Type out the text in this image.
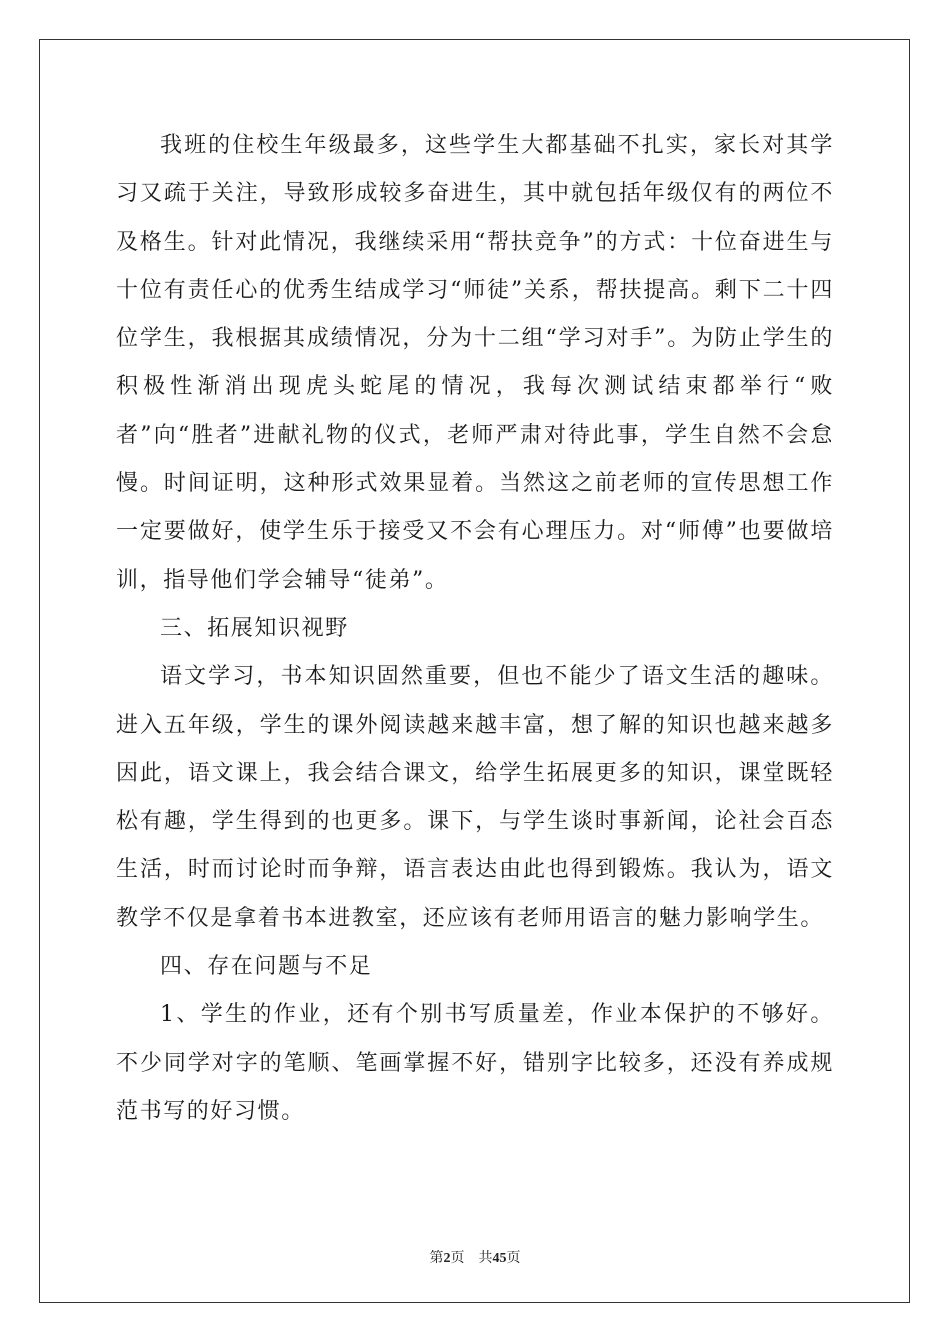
我班的住校生年级最多，这些学生大都基础不扎实，家长对其学习又疏于关注，导致形成较多奋进生，其中就包括年级仅有的两位不及格生。针对此情况，我继续采用“帮扶竞争”的方式：十位奋进生与十位有责任心的优秀生结成学习“师徒”关系，帮扶提高。剩下二十四位学生，我根据其成绩情况，分为十二组“学习对手”。为防止学生的积极性渐消出现虎头蛇尾的情况，我每次测试结束都举行“败者”向“胜者”进献礼物的仪式，老师严肃对待此事，学生自然不会怠慢。时间证明，这种形式效果显着。当然这之前老师的宣传思想工作一定要做好，使学生乐于接受又不会有心理压力。对“师傅”也要做培训，指导他们学会辅导“徒弟”。

三、拓展知识视野

语文学习，书本知识固然重要，但也不能少了语文生活的趣味。进入五年级，学生的课外阅读越来越丰富，想了解的知识也越来越多因此，语文课上，我会结合课文，给学生拓展更多的知识，课堂既轻松有趣，学生得到的也更多。课下，与学生谈时事新闻，论社会百态生活，时而讨论时而争辩，语言表达由此也得到锻炼。我认为，语文教学不仅是拿着书本进教室，还应该有老师用语言的魅力影响学生。

四、存在问题与不足

1、学生的作业，还有个别书写质量差，作业本保护的不够好。不少同学对字的笔顺、笔画掌握不好，错别字比较多，还没有养成规范书写的好习惯。

第2页 共45页
